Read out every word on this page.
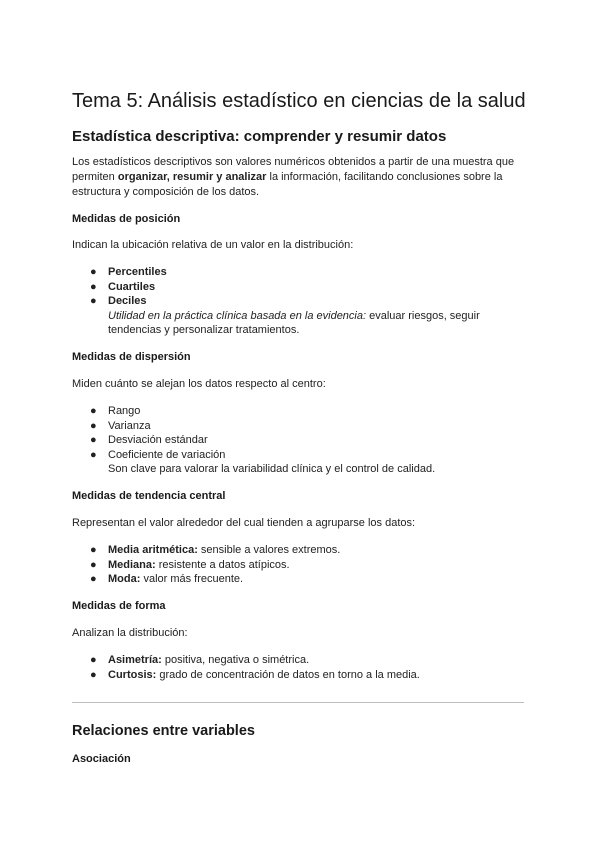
Tema 5: Análisis estadístico en ciencias de la salud
Estadística descriptiva: comprender y resumir datos

Los estadísticos descriptivos son valores numéricos obtenidos a partir de una muestra que permiten organizar, resumir y analizar la información, facilitando conclusiones sobre la estructura y composición de los datos.

Medidas de posición
Indican la ubicación relativa de un valor en la distribución:
● Percentiles
● Cuartiles
● Deciles
Utilidad en la práctica clínica basada en la evidencia: evaluar riesgos, seguir tendencias y personalizar tratamientos.
Medidas de dispersión
Miden cuánto se alejan los datos respecto al centro:
● Rango
● Varianza
● Desviación estándar
● Coeficiente de variación
Son clave para valorar la variabilidad clínica y el control de calidad.
Medidas de tendencia central
Representan el valor alrededor del cual tienden a agruparse los datos:
● Media aritmética: sensible a valores extremos.
● Mediana: resistente a datos atípicos.
● Moda: valor más frecuente.
Medidas de forma
Analizan la distribución:
● Asimetría: positiva, negativa o simétrica.
● Curtosis: grado de concentración de datos en torno a la media.
Relaciones entre variables
Asociación
